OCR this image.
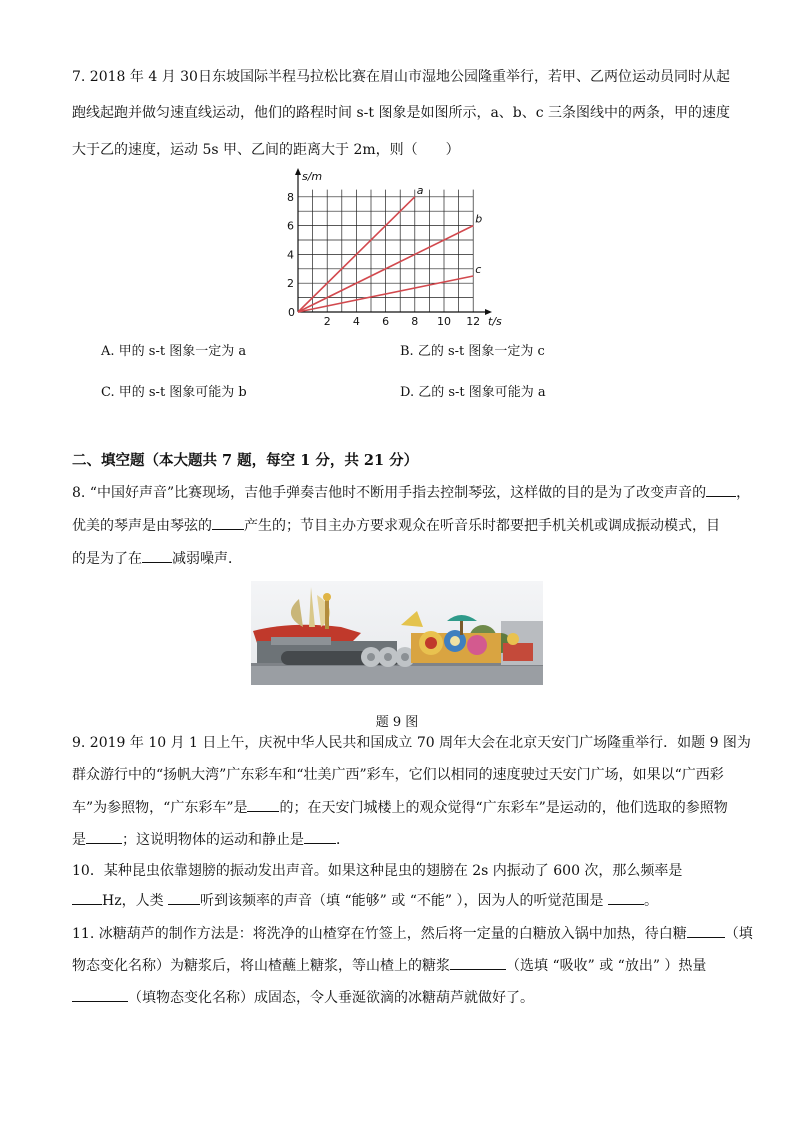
7. 2018 年 4 月 30日东坡国际半程马拉松比赛在眉山市湿地公园隆重举行，若甲、乙两位运动员同时从起
跑线起跑并做匀速直线运动，他们的路程时间 s-t 图象是如图所示，a、b、c 三条图线中的两条，甲的速度
大于乙的速度，运动 5s 甲、乙间的距离大于 2m，则（　　）
2 4 6 8 10 12
2
4
6
8
a
b
c
s/m
t/s
0
A. 甲的 s-t 图象一定为 a	B. 乙的 s-t 图象一定为 c
C. 甲的 s-t 图象可能为 b	D. 乙的 s-t 图象可能为 a
二、填空题（本大题共 7 题，每空 1 分，共 21 分）
8. “中国好声音”比赛现场，吉他手弹奏吉他时不断用手指去控制琴弦，这样做的目的是为了改变声音的 ，
优美的琴声是由琴弦的 产生的；节目主办方要求观众在听音乐时都要把手机关机或调成振动模式，目
的是为了在 减弱噪声．
题 9 图
9. 2019 年 10 月 1 日上午，庆祝中华人民共和国成立 70 周年大会在北京天安门广场隆重举行．如题 9 图为
群众游行中的“扬帆大湾”广东彩车和“壮美广西”彩车，它们以相同的速度驶过天安门广场，如果以“广西彩
车”为参照物，“广东彩车”是 的；在天安门城楼上的观众觉得“广东彩车”是运动的，他们选取的参照物
是	；这说明物体的运动和静止是 ．
10．某种昆虫依靠翅膀的振动发出声音。如果这种昆虫的翅膀在 2s 内振动了 600 次，那么频率是
Hz，人类 听到该频率的声音（填 “能够” 或 “不能” ），因为人的听觉范围是	。
11. 冰糖葫芦的制作方法是：将洗净的山楂穿在竹签上，然后将一定量的白糖放入锅中加热，待白糖	（填
物态变化名称）为糖浆后，将山楂蘸上糖浆，等山楂上的糖浆	（选填 “吸收” 或 “放出” ）热量
（填物态变化名称）成固态，令人垂涎欲滴的冰糖葫芦就做好了。
